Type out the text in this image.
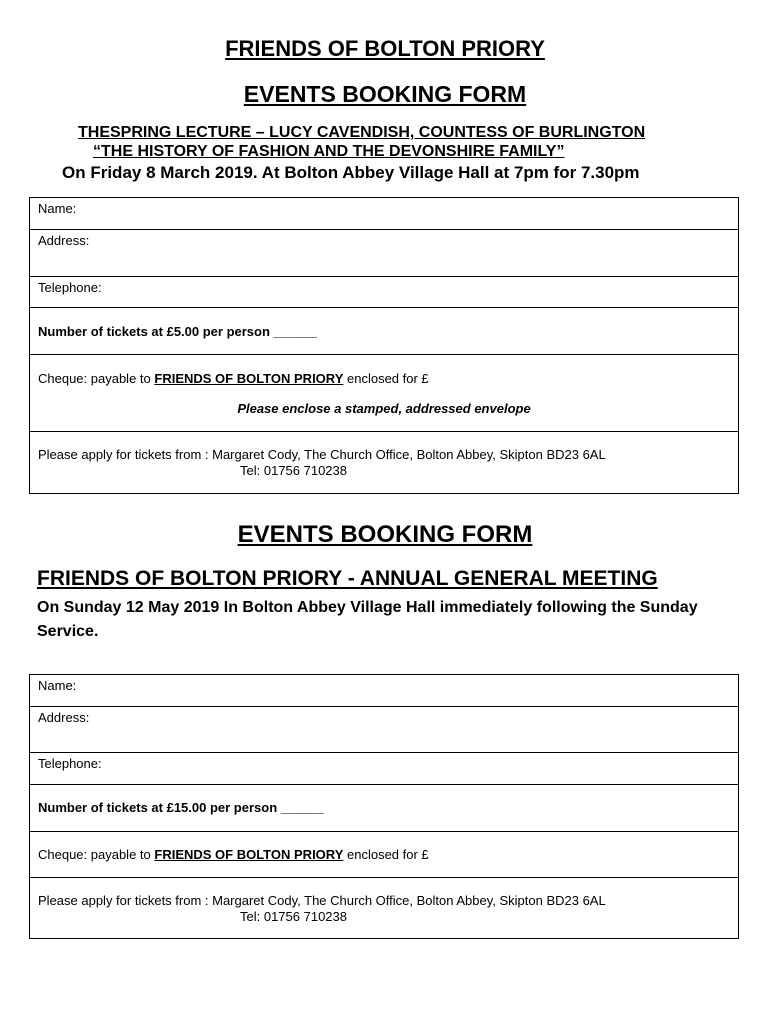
FRIENDS OF BOLTON PRIORY
EVENTS BOOKING FORM
THESPRING LECTURE – LUCY CAVENDISH, COUNTESS OF BURLINGTON
“THE HISTORY OF FASHION AND THE DEVONSHIRE FAMILY”
On Friday 8 March 2019. At Bolton Abbey Village Hall at 7pm for 7.30pm
Name:
Address:
Telephone:
Number of tickets at £5.00 per person ______
Cheque: payable to FRIENDS OF BOLTON PRIORY enclosed for £
Please enclose a stamped, addressed envelope
Please apply for tickets from : Margaret Cody, The Church Office, Bolton Abbey, Skipton BD23 6AL
Tel: 01756 710238
EVENTS BOOKING FORM
FRIENDS OF BOLTON PRIORY - ANNUAL GENERAL MEETING
On Sunday 12 May 2019 In Bolton Abbey Village Hall immediately following the Sunday Service.
Name:
Address:
Telephone:
Number of tickets at £15.00 per person ______
Cheque: payable to FRIENDS OF BOLTON PRIORY enclosed for £
Please apply for tickets from : Margaret Cody, The Church Office, Bolton Abbey, Skipton BD23 6AL
Tel: 01756 710238
